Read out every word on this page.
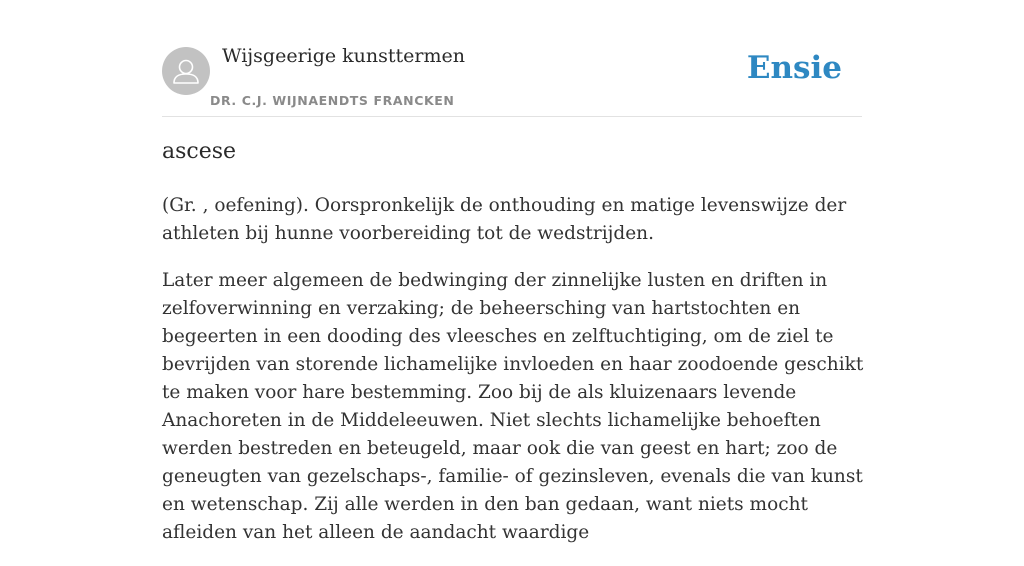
Wijsgeerige kunsttermen
DR. C.J. WIJNAENDTS FRANCKEN
Ensie
ascese

(Gr. , oefening). Oorspronkelijk de onthouding en matige levenswijze der athleten bij hunne voorbereiding tot de wedstrijden.

Later meer algemeen de bedwinging der zinnelijke lusten en driften in zelfoverwinning en verzaking; de beheersching van hartstochten en begeerten in een dooding des vleesches en zelftuchtiging, om de ziel te bevrijden van storende lichamelijke invloeden en haar zoodoende geschikt te maken voor hare bestemming. Zoo bij de als kluizenaars levende Anachoreten in de Middeleeuwen. Niet slechts lichamelijke behoeften werden bestreden en beteugeld, maar ook die van geest en hart; zoo de geneugten van gezelschaps-, familie- of gezinsleven, evenals die van kunst en wetenschap. Zij alle werden in den ban gedaan, want niets mocht afleiden van het alleen de aandacht waardige
